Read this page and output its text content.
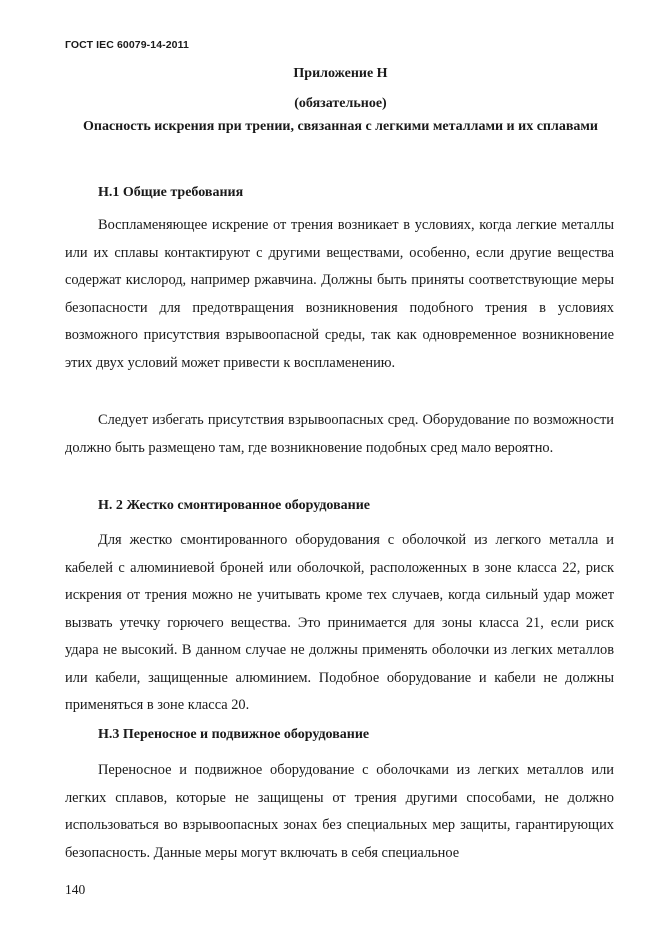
ГОСТ IEC 60079-14-2011
Приложение Н
(обязательное)
Опасность искрения при трении, связанная с легкими металлами и их сплавами
Н.1 Общие требования

Воспламеняющее искрение от трения возникает в условиях, когда легкие металлы или их сплавы контактируют с другими веществами, особенно, если другие вещества содержат кислород, например ржавчина. Должны быть приняты соответствующие меры безопасности для предотвращения возникновения подобного трения в условиях возможного присутствия взрывоопасной среды, так как одновременное возникновение этих двух условий может привести к воспламенению.

Следует избегать присутствия взрывоопасных сред. Оборудование по возможности должно быть размещено там, где возникновение подобных сред мало вероятно.

Н. 2 Жестко смонтированное оборудование

Для жестко смонтированного оборудования с оболочкой из легкого металла и кабелей с алюминиевой броней или оболочкой, расположенных в зоне класса 22, риск искрения от трения можно не учитывать кроме тех случаев, когда сильный удар может вызвать утечку горючего вещества. Это принимается для зоны класса 21, если риск удара не высокий. В данном случае не должны применять оболочки из легких металлов или кабели, защищенные алюминием. Подобное оборудование и кабели не должны применяться в зоне класса 20.

Н.3 Переносное и подвижное оборудование

Переносное и подвижное оборудование с оболочками из легких металлов или легких сплавов, которые не защищены от трения другими способами, не должно использоваться во взрывоопасных зонах без специальных мер защиты, гарантирующих безопасность. Данные меры могут включать в себя специальное

140
